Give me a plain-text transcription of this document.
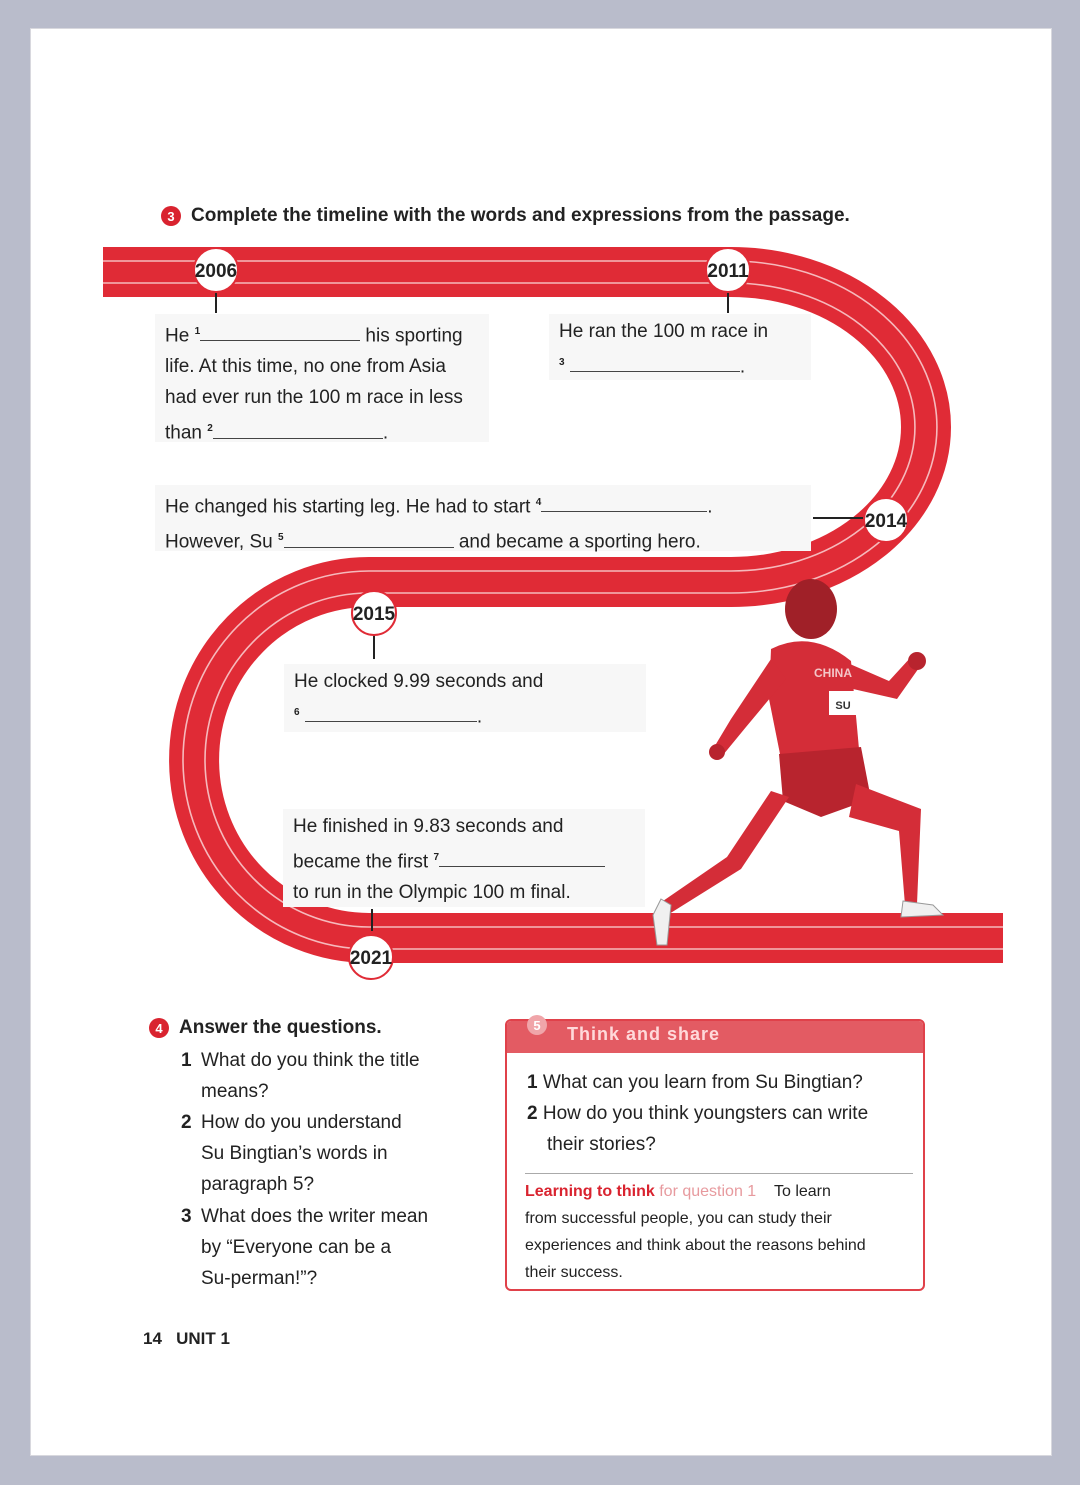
3 Complete the timeline with the words and expressions from the passage.
2006	2011
2014
2015
2021
He $^1$	his sporting
life. At this time, no one from Asia
had ever run the 100 m race in less
than $^2$	.
He ran the 100 m race in
$^3$	.
He changed his starting leg. He had to start $^4$	.
However, Su $^5$	and became a sporting hero.
He clocked 9.99 seconds and
$^6$	.
He finished in 9.83 seconds and
became the first $^7$
to run in the Olympic 100 m final.
SU
CHINA
4 Answer the questions.
1 What do you think the title
means?
2 How do you understand
Su Bingtian’s words in
paragraph 5?
3 What does the writer mean
by “Everyone can be a
Su-perman!”?
5	Think and share
1 What can you learn from Su Bingtian?
2 How do you think youngsters can write
their stories?
Learning to think for question 1 To learn
from successful people, you can study their
experiences and think about the reasons behind
their success.
14 UNIT 1
